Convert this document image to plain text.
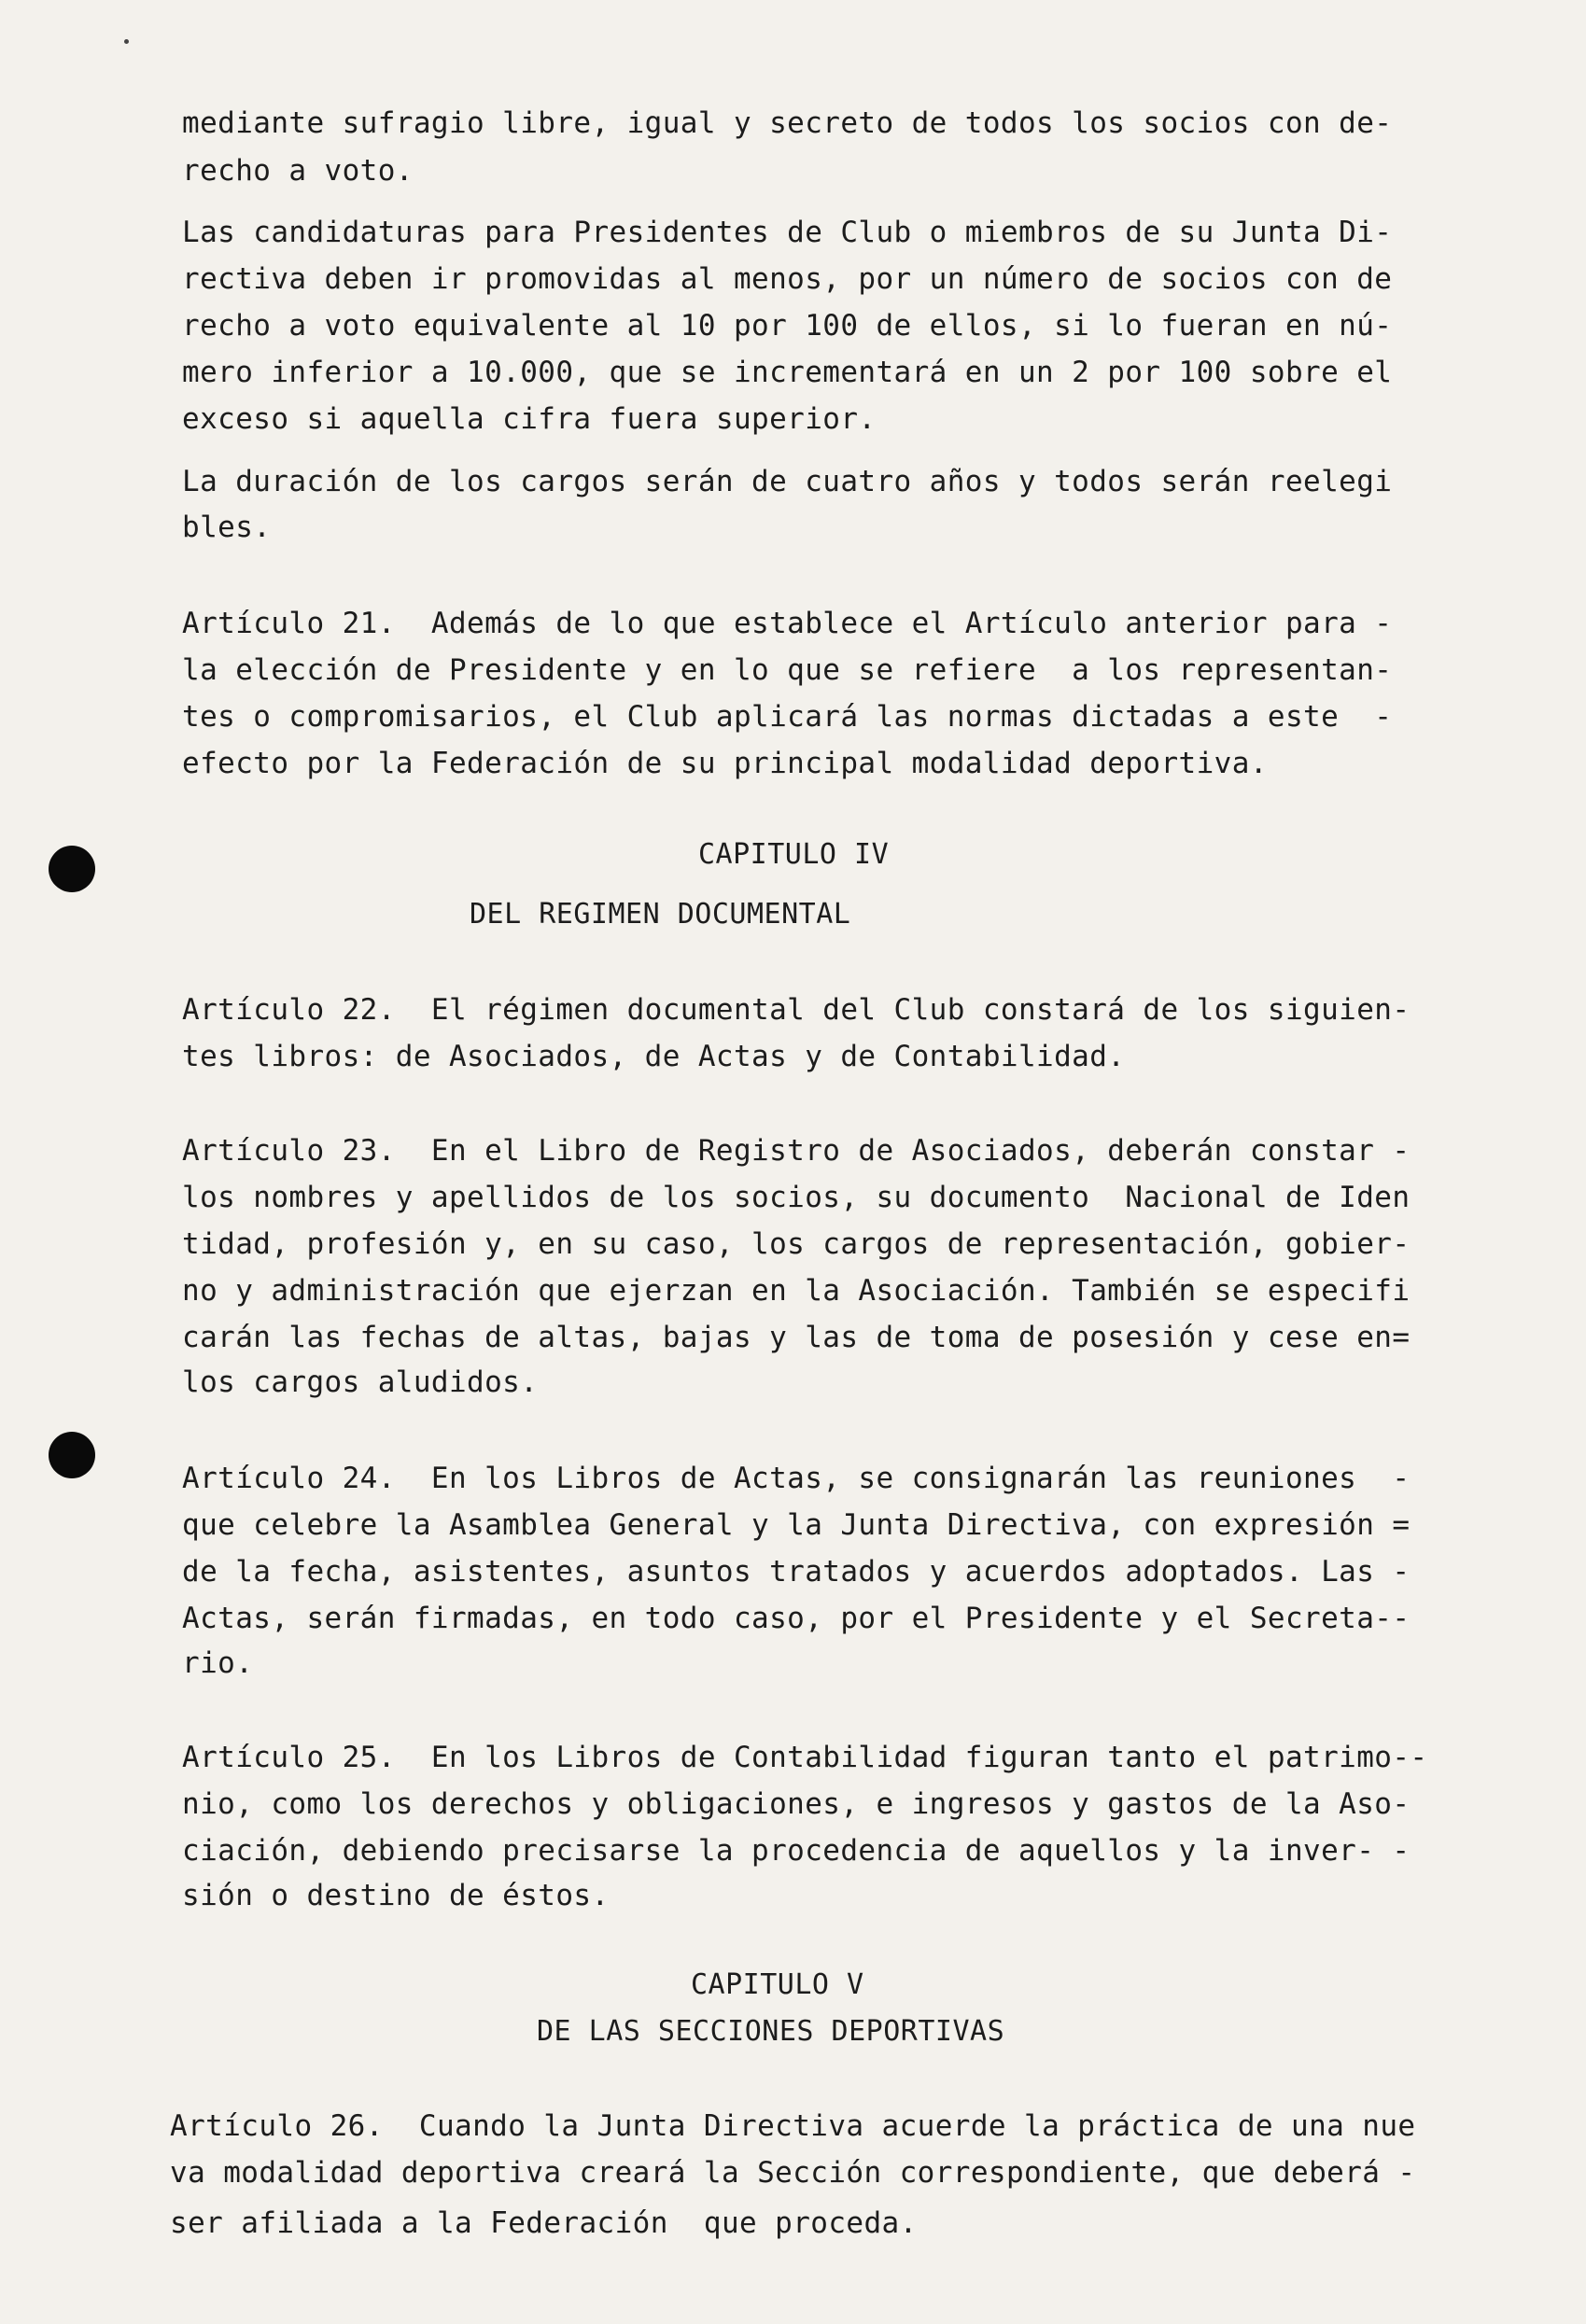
mediante sufragio libre, igual y secreto de todos los socios con de-
recho a voto.
Las candidaturas para Presidentes de Club o miembros de su Junta Di-
rectiva deben ir promovidas al menos, por un número de socios con de
recho a voto equivalente al 10 por 100 de ellos, si lo fueran en nú-
mero inferior a 10.000, que se incrementará en un 2 por 100 sobre el
exceso si aquella cifra fuera superior.
La duración de los cargos serán de cuatro años y todos serán reelegi
bles.
Artículo 21.  Además de lo que establece el Artículo anterior para -
la elección de Presidente y en lo que se refiere  a los representan-
tes o compromisarios, el Club aplicará las normas dictadas a este  -
efecto por la Federación de su principal modalidad deportiva.
CAPITULO IV
DEL REGIMEN DOCUMENTAL
Artículo 22.  El régimen documental del Club constará de los siguien-
tes libros: de Asociados, de Actas y de Contabilidad.
Artículo 23.  En el Libro de Registro de Asociados, deberán constar -
los nombres y apellidos de los socios, su documento  Nacional de Iden
tidad, profesión y, en su caso, los cargos de representación, gobier-
no y administración que ejerzan en la Asociación. También se especifi
carán las fechas de altas, bajas y las de toma de posesión y cese en=
los cargos aludidos.
Artículo 24.  En los Libros de Actas, se consignarán las reuniones  -
que celebre la Asamblea General y la Junta Directiva, con expresión =
de la fecha, asistentes, asuntos tratados y acuerdos adoptados. Las -
Actas, serán firmadas, en todo caso, por el Presidente y el Secreta--
rio.
Artículo 25.  En los Libros de Contabilidad figuran tanto el patrimo--
nio, como los derechos y obligaciones, e ingresos y gastos de la Aso-
ciación, debiendo precisarse la procedencia de aquellos y la inver- -
sión o destino de éstos.
CAPITULO V
DE LAS SECCIONES DEPORTIVAS
Artículo 26.  Cuando la Junta Directiva acuerde la práctica de una nue
va modalidad deportiva creará la Sección correspondiente, que deberá -
ser afiliada a la Federación  que proceda.
